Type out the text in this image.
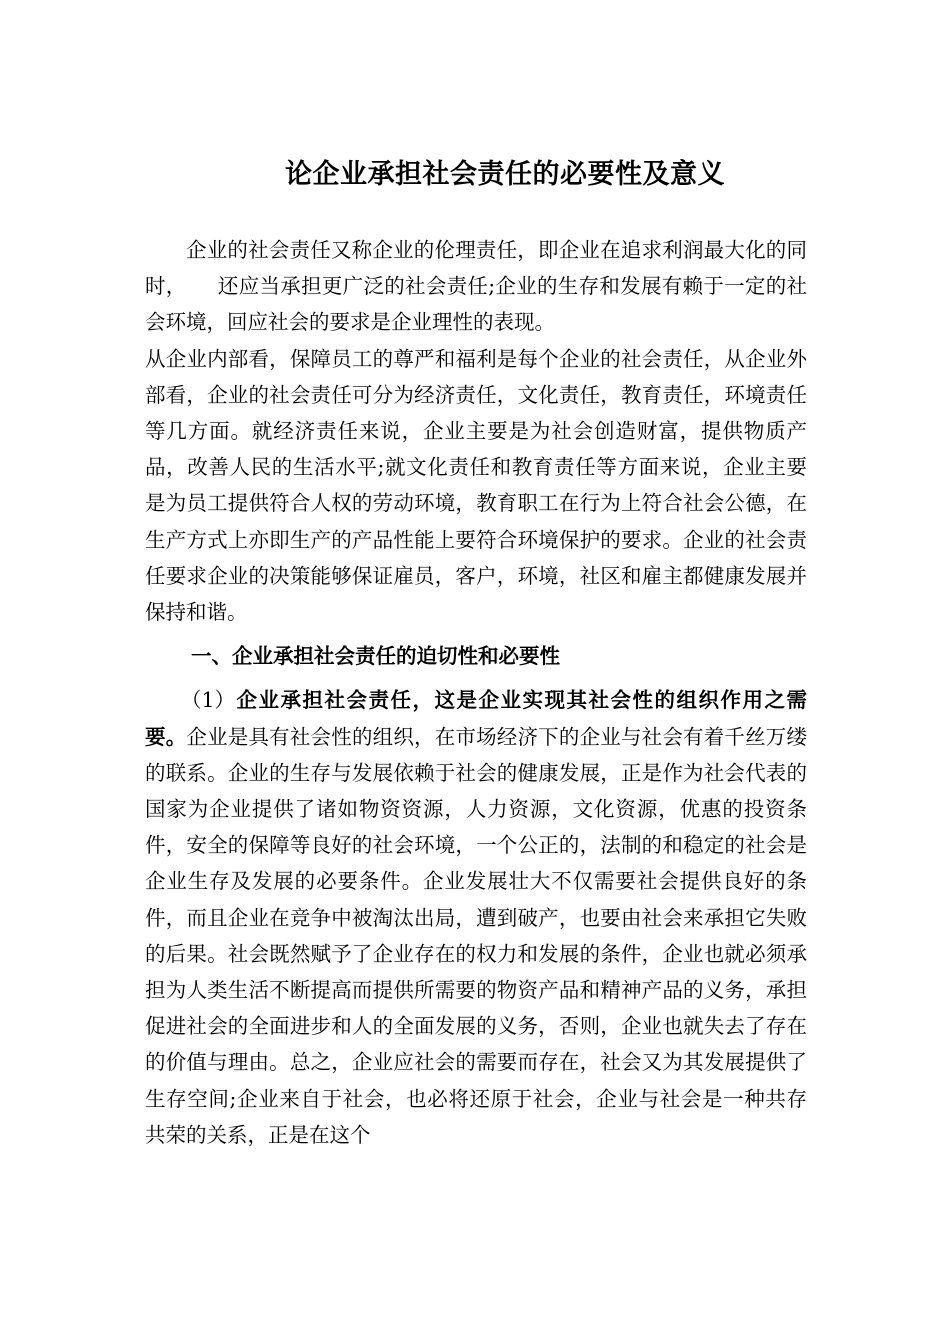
论企业承担社会责任的必要性及意义

企业的社会责任又称企业的伦理责任，即企业在追求利润最大化的同时，　　还应当承担更广泛的社会责任;企业的生存和发展有赖于一定的社会环境，回应社会的要求是企业理性的表现。

从企业内部看，保障员工的尊严和福利是每个企业的社会责任，从企业外部看，企业的社会责任可分为经济责任，文化责任，教育责任，环境责任等几方面。就经济责任来说，企业主要是为社会创造财富，提供物质产品，改善人民的生活水平;就文化责任和教育责任等方面来说，企业主要是为员工提供符合人权的劳动环境，教育职工在行为上符合社会公德，在生产方式上亦即生产的产品性能上要符合环境保护的要求。企业的社会责任要求企业的决策能够保证雇员，客户，环境，社区和雇主都健康发展并保持和谐。

一、企业承担社会责任的迫切性和必要性

（1）企业承担社会责任，这是企业实现其社会性的组织作用之需要。企业是具有社会性的组织，在市场经济下的企业与社会有着千丝万缕的联系。企业的生存与发展依赖于社会的健康发展，正是作为社会代表的国家为企业提供了诸如物资资源，人力资源，文化资源，优惠的投资条件，安全的保障等良好的社会环境，一个公正的，法制的和稳定的社会是企业生存及发展的必要条件。企业发展壮大不仅需要社会提供良好的条件，而且企业在竞争中被淘汰出局，遭到破产，也要由社会来承担它失败的后果。社会既然赋予了企业存在的权力和发展的条件，企业也就必须承担为人类生活不断提高而提供所需要的物资产品和精神产品的义务，承担促进社会的全面进步和人的全面发展的义务，否则，企业也就失去了存在的价值与理由。总之，企业应社会的需要而存在，社会又为其发展提供了生存空间;企业来自于社会，也必将还原于社会，企业与社会是一种共存共荣的关系，正是在这个
